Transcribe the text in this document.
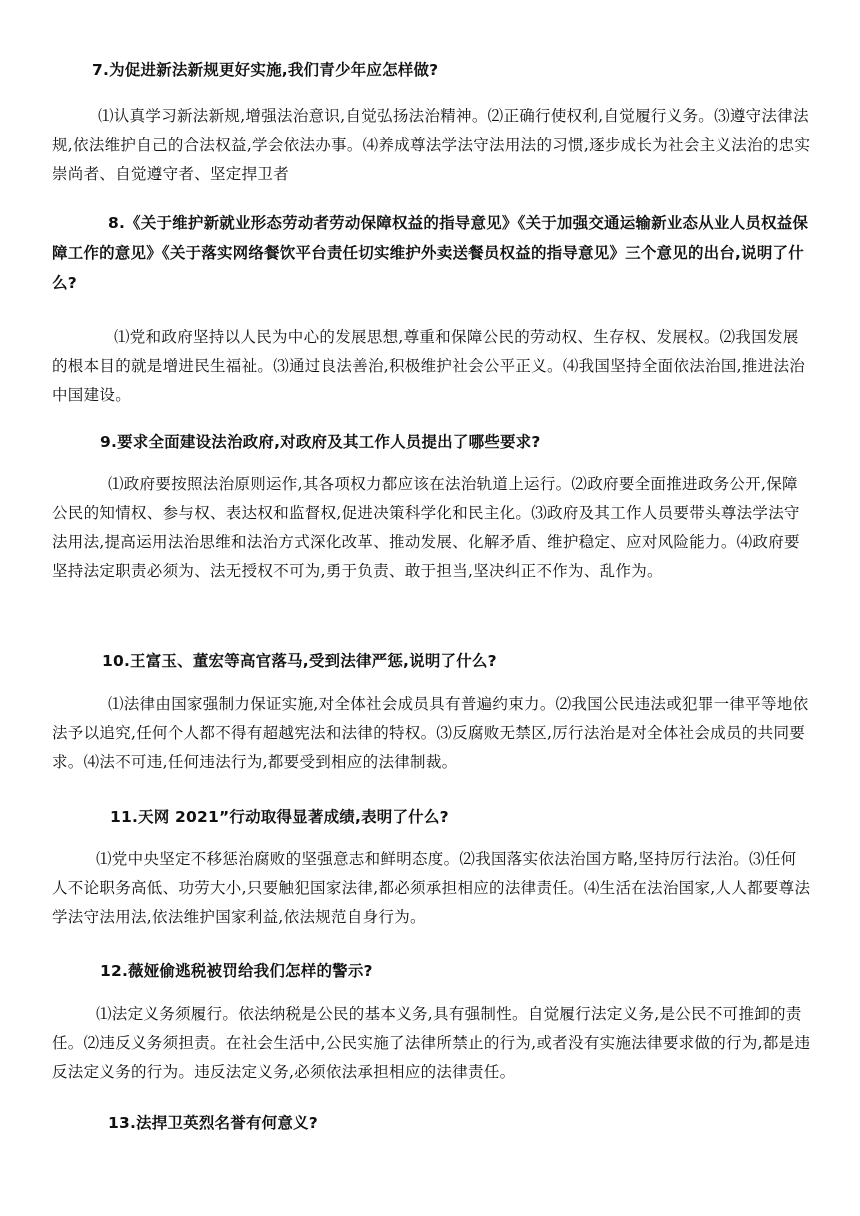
7.为促进新法新规更好实施,我们青少年应怎样做?
⑴认真学习新法新规,增强法治意识,自觉弘扬法治精神。⑵正确行使权利,自觉履行义务。⑶遵守法律法规,依法维护自己的合法权益,学会依法办事。⑷养成尊法学法守法用法的习惯,逐步成长为社会主义法治的忠实崇尚者、自觉遵守者、坚定捍卫者
8.《关于维护新就业形态劳动者劳动保障权益的指导意见》《关于加强交通运输新业态从业人员权益保障工作的意见》《关于落实网络餐饮平台责任切实维护外卖送餐员权益的指导意见》三个意见的出台,说明了什么?
⑴党和政府坚持以人民为中心的发展思想,尊重和保障公民的劳动权、生存权、发展权。⑵我国发展的根本目的就是增进民生福祉。⑶通过良法善治,积极维护社会公平正义。⑷我国坚持全面依法治国,推进法治中国建设。
9.要求全面建设法治政府,对政府及其工作人员提出了哪些要求?
⑴政府要按照法治原则运作,其各项权力都应该在法治轨道上运行。⑵政府要全面推进政务公开,保障公民的知情权、参与权、表达权和监督权,促进决策科学化和民主化。⑶政府及其工作人员要带头尊法学法守法用法,提高运用法治思维和法治方式深化改革、推动发展、化解矛盾、维护稳定、应对风险能力。⑷政府要坚持法定职责必须为、法无授权不可为,勇于负责、敢于担当,坚决纠正不作为、乱作为。
10.王富玉、董宏等高官落马,受到法律严惩,说明了什么?
⑴法律由国家强制力保证实施,对全体社会成员具有普遍约束力。⑵我国公民违法或犯罪一律平等地依法予以追究,任何个人都不得有超越宪法和法律的特权。⑶反腐败无禁区,厉行法治是对全体社会成员的共同要求。⑷法不可违,任何违法行为,都要受到相应的法律制裁。
11.天网 2021”行动取得显著成绩,表明了什么?
⑴党中央坚定不移惩治腐败的坚强意志和鲜明态度。⑵我国落实依法治国方略,坚持厉行法治。⑶任何人不论职务高低、功劳大小,只要触犯国家法律,都必须承担相应的法律责任。⑷生活在法治国家,人人都要尊法学法守法用法,依法维护国家利益,依法规范自身行为。
12.薇娅偷逃税被罚给我们怎样的警示?
⑴法定义务须履行。依法纳税是公民的基本义务,具有强制性。自觉履行法定义务,是公民不可推卸的责任。⑵违反义务须担责。在社会生活中,公民实施了法律所禁止的行为,或者没有实施法律要求做的行为,都是违反法定义务的行为。违反法定义务,必须依法承担相应的法律责任。
13.法捍卫英烈名誉有何意义?
